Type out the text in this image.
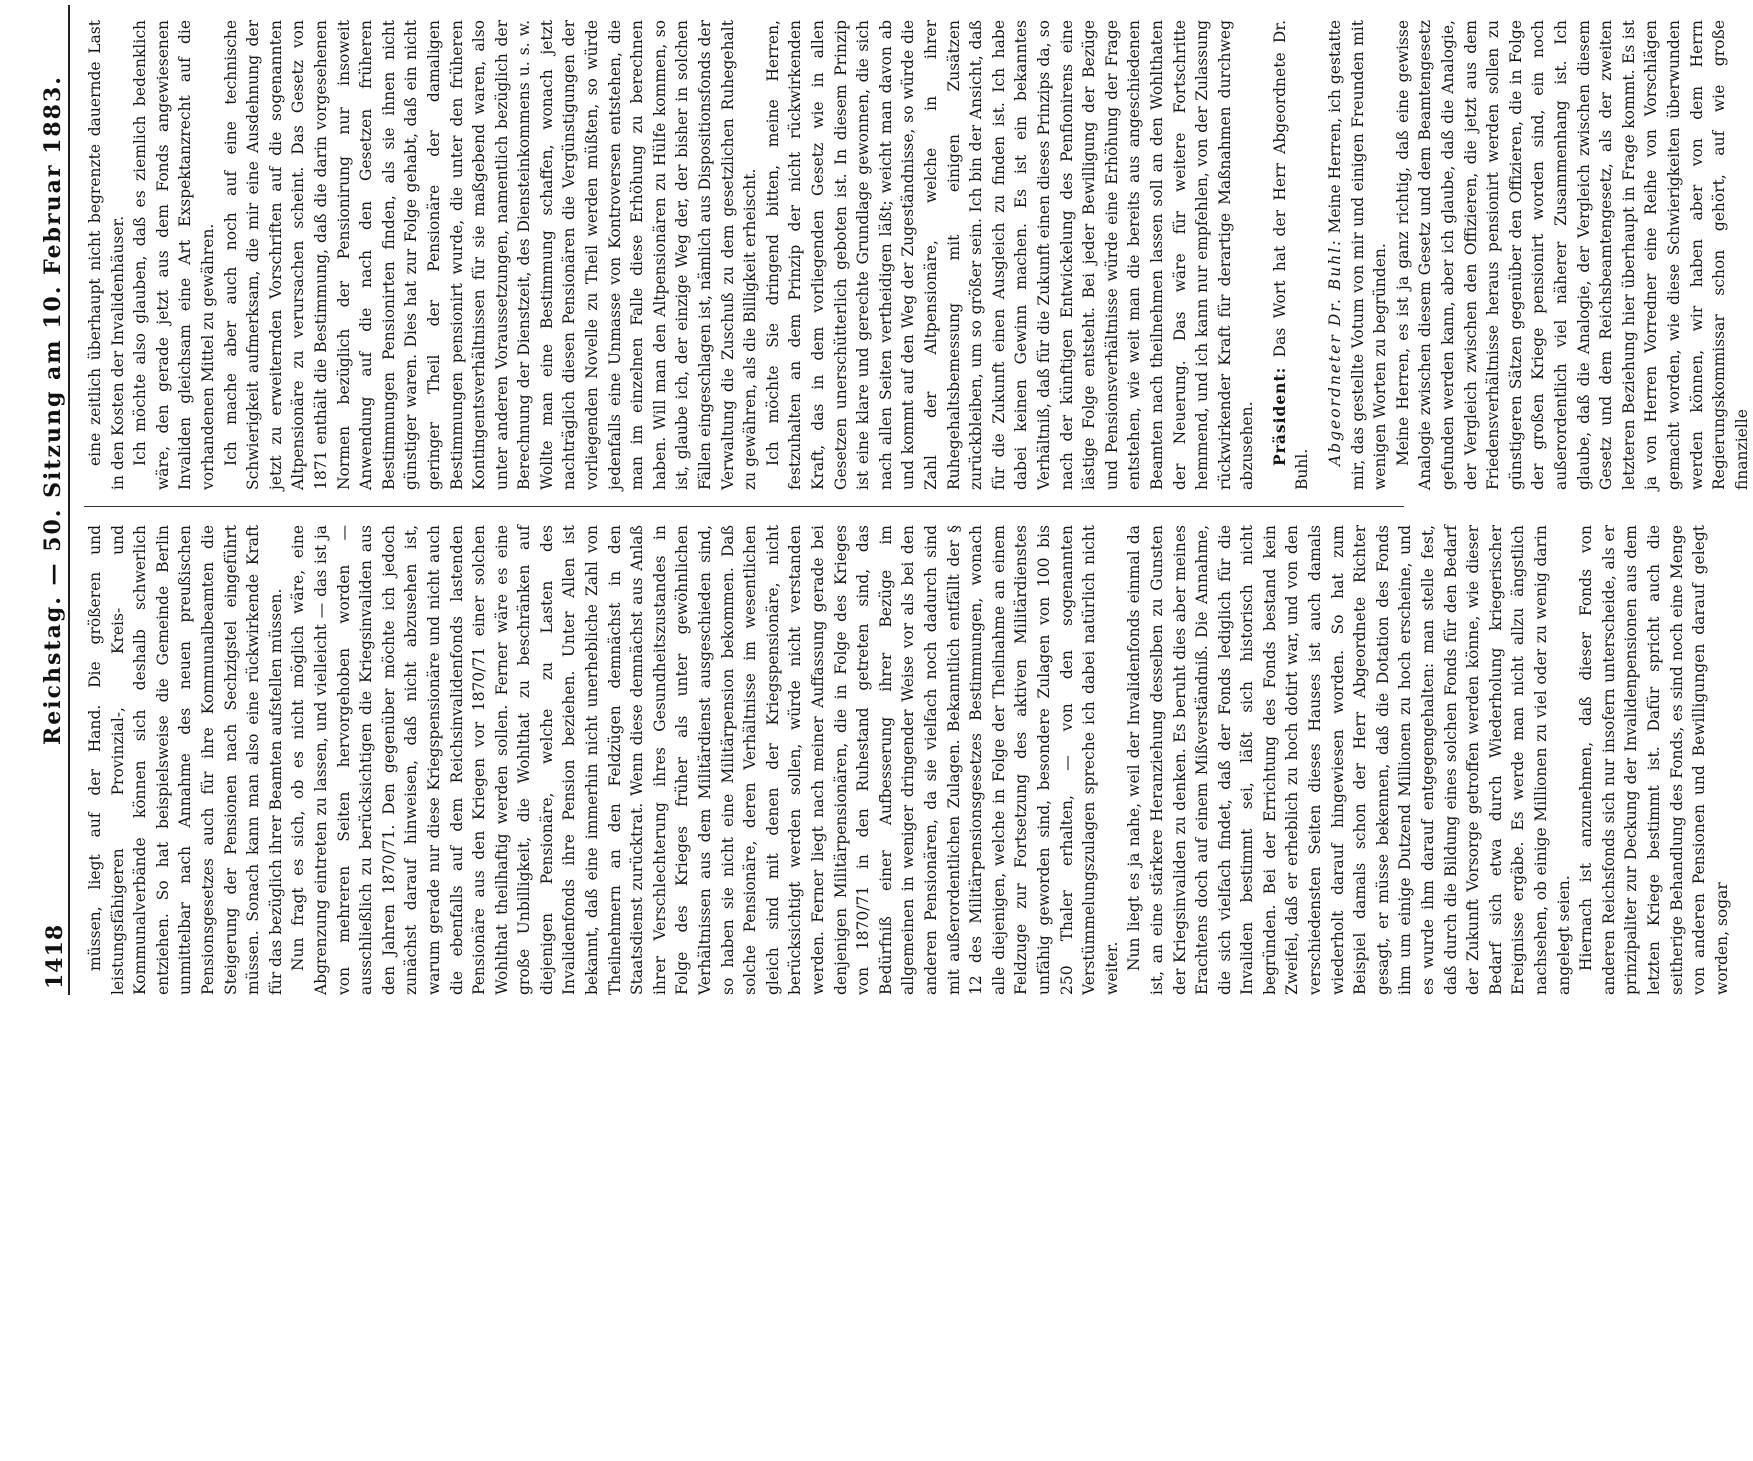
1418
Reichstag. — 50. Sitzung am 10. Februar 1883.

müssen, liegt auf der Hand. Die größeren und leistungsfähigeren Provinzial-, Kreis- und Kommunalverbände können sich deshalb schwerlich entziehen. So hat beispielsweise die Gemeinde Berlin unmittelbar nach Annahme des neuen preußischen Pensionsgesetzes auch für ihre Kommunalbeamten die Steigerung der Pensionen nach Sechzigstel eingeführt müssen. Sonach kann man also eine rückwirkende Kraft für das bezüglich ihrer Beamten aufstellen müssen. Nun fragt es sich, ob es nicht möglich wäre, eine Abgrenzung eintreten zu lassen, und vielleicht — das ist ja von mehreren Seiten hervorgehoben worden — ausschließlich zu berücksichtigen die Kriegsinvaliden aus den Jahren 1870/71. Den gegenüber möchte ich jedoch zunächst darauf hinweisen, daß nicht abzusehen ist, warum gerade nur diese Kriegspensionäre und nicht auch die ebenfalls auf dem Reichsinvalidenfonds lastenden Pensionäre aus den Kriegen vor 1870/71 einer solchen Wohlthat theilhaftig werden sollen. Ferner wäre es eine große Unbilligkeit, die Wohlthat zu beschränken auf diejenigen Pensionäre, welche zu Lasten des Invalidenfonds ihre Pension beziehen. Unter Allen ist bekannt, daß eine immerhin nicht unerhebliche Zahl von Theilnehmern an den Feldzügen demnächst in den Staatsdienst zurücktrat. Wenn diese demnächst aus Anlaß ihrer Verschlechterung ihres Gesundheitszustandes in Folge des Krieges früher als unter gewöhnlichen Verhältnissen aus dem Militärdienst ausgeschieden sind, so haben sie nicht eine Militärpension bekommen. Daß solche Pensionäre, deren Verhältnisse im wesentlichen gleich sind mit denen der Kriegspensionäre, nicht berücksichtigt werden sollen, würde nicht verstanden werden. Ferner liegt nach meiner Auffassung gerade bei denjenigen Militärpensionären, die in Folge des Krieges von 1870/71 in den Ruhestand getreten sind, das Bedürfniß einer Aufbesserung ihrer Bezüge im allgemeinen in weniger dringender Weise vor als bei den anderen Pensionären, da sie vielfach noch dadurch sind mit außerordentlichen Zulagen. Bekanntlich entfällt der § 12 des Militärpensionsgesetzes Bestimmungen, wonach alle diejenigen, welche in Folge der Theilnahme an einem Feldzuge zur Fortsetzung des aktiven Militärdienstes unfähig geworden sind, besondere Zulagen von 100 bis 250 Thaler erhalten, — von den sogenannten Verstümmelungszulagen spreche ich dabei natürlich nicht weiter. Nun liegt es ja nahe, weil der Invalidenfonds einmal da ist, an eine stärkere Heranziehung desselben zu Gunsten der Kriegsinvaliden zu denken. Es beruht dies aber meines Erachtens doch auf einem Mißverständniß. Die Annahme, die sich vielfach findet, daß der Fonds lediglich für die Invaliden bestimmt sei, läßt sich historisch nicht begründen. Bei der Errichtung des Fonds bestand kein Zweifel, daß er erheblich zu hoch dotirt war, und von den verschiedensten Seiten dieses Hauses ist auch damals wiederholt darauf hingewiesen worden. So hat zum Beispiel damals schon der Herr Abgeordnete Richter gesagt, er müsse bekennen, daß die Dotation des Fonds ihm um einige Dutzend Millionen zu hoch erscheine, und es wurde ihm darauf entgegengehalten: man stelle fest, daß durch die Bildung eines solchen Fonds für den Bedarf der Zukunft Vorsorge getroffen werden könne, wie dieser Bedarf sich etwa durch Wiederholung kriegerischer Ereignisse ergäbe. Es werde man nicht allzu ängstlich nachsehen, ob einige Millionen zu viel oder zu wenig darin angelegt seien. Hiernach ist anzunehmen, daß dieser Fonds von anderen Reichsfonds sich nur insofern unterscheide, als er prinzipaliter zur Deckung der Invalidenpensionen aus dem letzten Kriege bestimmt ist. Dafür spricht auch die seitherige Behandlung des Fonds, es sind noch eine Menge von anderen Pensionen und Bewilligungen darauf gelegt worden, sogar

eine zeitlich überhaupt nicht begrenzte dauernde Last in den Kosten der Invalidenhäuser. Ich möchte also glauben, daß es ziemlich bedenklich wäre, den gerade jetzt aus dem Fonds angewiesenen Invaliden gleichsam eine Art Exspektanzrecht auf die vorhandenen Mittel zu gewähren. Ich mache aber auch noch auf eine technische Schwierigkeit aufmerksam, die mir eine Ausdehnung der jetzt zu erweiternden Vorschriften auf die sogenannten Altpensionäre zu verursachen scheint. Das Gesetz von 1871 enthält die Bestimmung, daß die darin vorgesehenen Normen bezüglich der Pensionirung nur insoweit Anwendung auf die nach den Gesetzen früheren Bestimmungen Pensionirten finden, als sie ihnen nicht günstiger waren. Dies hat zur Folge gehabt, daß ein nicht geringer Theil der Pensionäre der damaligen Bestimmungen pensionirt wurde, die unter den früheren Kontingentsverhältnissen für sie maßgebend waren, also unter anderen Voraussetzungen, namentlich bezüglich der Berechnung der Dienstzeit, des Diensteinkommens u. s. w. Wollte man eine Bestimmung schaffen, wonach jetzt nachträglich diesen Pensionären die Vergünstigungen der vorliegenden Novelle zu Theil werden müßten, so würde jedenfalls eine Unmasse von Kontroversen entstehen, die man im einzelnen Falle diese Erhöhung zu berechnen haben. Will man den Altpensionären zu Hülfe kommen, so ist, glaube ich, der einzige Weg der, der bisher in solchen Fällen eingeschlagen ist, nämlich aus Dispositionsfonds der Verwaltung die Zuschuß zu dem gesetzlichen Ruhegehalt zu gewähren, als die Billigkeit erheischt. Ich möchte Sie dringend bitten, meine Herren, festzuhalten an dem Prinzip der nicht rückwirkenden Kraft, das in dem vorliegenden Gesetz wie in allen Gesetzen unerschütterlich geboten ist. In diesem Prinzip ist eine klare und gerechte Grundlage gewonnen, die sich nach allen Seiten vertheidigen läßt; weicht man davon ab und kommt auf den Weg der Zugeständnisse, so würde die Zahl der Altpensionäre, welche in ihrer Ruhegehaltsbemessung mit einigen Zusätzen zurückbleiben, um so größer sein. Ich bin der Ansicht, daß für die Zukunft einen Ausgleich zu finden ist. Ich habe dabei keinen Gewinn machen. Es ist ein bekanntes Verhältniß, daß für die Zukunft einen dieses Prinzips da, so nach der künftigen Entwickelung des Penfionirens eine lästige Folge entsteht. Bei jeder Bewilligung der Bezüge und Pensionsverhältnisse würde eine Erhöhung der Frage entstehen, wie weit man die bereits aus angeschiedenen Beamten nach theilnehmen lassen soll an den Wohlthaten der Neuerung. Das wäre für weitere Fortschritte hemmend, und ich kann nur empfehlen, von der Zulassung rückwirkender Kraft für derartige Maßnahmen durchweg abzusehen. Präsident: Das Wort hat der Herr Abgeordnete Dr. Buhl.

Abgeordneter Dr. Buhl: Meine Herren, ich gestatte mir, das gestellte Votum von mir und einigen Freunden mit wenigen Worten zu begründen. Meine Herren, es ist ja ganz richtig, daß eine gewisse Analogie zwischen diesem Gesetz und dem Beamtengesetz gefunden werden kann, aber ich glaube, daß die Analogie, der Vergleich zwischen den Offizieren, die jetzt aus dem Friedensverhältnisse heraus pensionirt werden sollen zu günstigeren Sätzen gegenüber den Offizieren, die in Folge der großen Kriege pensionirt worden sind, ein noch außerordentlich viel näherer Zusammenhang ist. Ich glaube, daß die Analogie, der Vergleich zwischen diesem Gesetz und dem Reichsbeamtengesetz, als der zweiten letzteren Beziehung hier überhaupt in Frage kommt. Es ist ja von Herren Vorredner eine Reihe von Vorschlägen gemacht worden, wie diese Schwierigkeiten überwunden werden können, wir haben aber von dem Herrn Regierungskommissar schon gehört, auf wie große finanzielle
